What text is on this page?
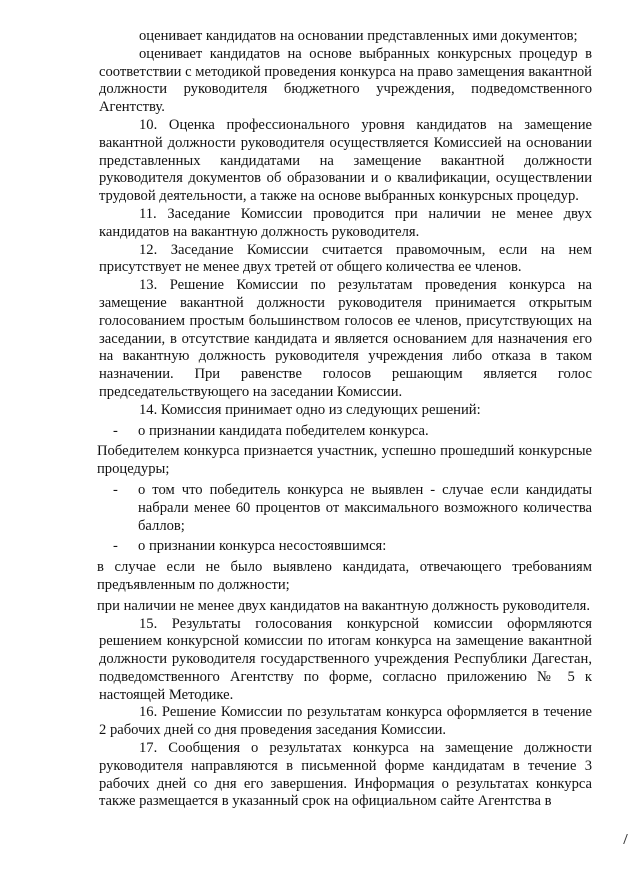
оценивает кандидатов на основании представленных ими документов;

оценивает кандидатов на основе выбранных конкурсных процедур в соответствии с методикой проведения конкурса на право замещения вакантной должности руководителя бюджетного учреждения, подведомственного Агентству.

10. Оценка профессионального уровня кандидатов на замещение вакантной должности руководителя осуществляется Комиссией на основании представленных кандидатами на замещение вакантной должности руководителя документов об образовании и о квалификации, осуществлении трудовой деятельности, а также на основе выбранных конкурсных процедур.

11. Заседание Комиссии проводится при наличии не менее двух кандидатов на вакантную должность руководителя.

12. Заседание Комиссии считается правомочным, если на нем присутствует не менее двух третей от общего количества ее членов.

13. Решение Комиссии по результатам проведения конкурса на замещение вакантной должности руководителя принимается открытым голосованием простым большинством голосов ее членов, присутствующих на заседании, в отсутствие кандидата и является основанием для назначения его на вакантную должность руководителя учреждения либо отказа в таком назначении. При равенстве голосов решающим является голос председательствующего на заседании Комиссии.

14. Комиссия принимает одно из следующих решений:

- о признании кандидата победителем конкурса.

Победителем конкурса признается участник, успешно прошедший конкурсные процедуры;

- о том что победитель конкурса не выявлен - случае если кандидаты набрали менее 60 процентов от максимального возможного количества баллов;
- о признании конкурса несостоявшимся:

в случае если не было выявлено кандидата, отвечающего требованиям предъявленным по должности;

при наличии не менее двух кандидатов на вакантную должность руководителя.

15. Результаты голосования конкурсной комиссии оформляются решением конкурсной комиссии по итогам конкурса на замещение вакантной должности руководителя государственного учреждения Республики Дагестан, подведомственного Агентству по форме, согласно приложению № 5 к настоящей Методике.

16. Решение Комиссии по результатам конкурса оформляется в течение 2 рабочих дней со дня проведения заседания Комиссии.

17. Сообщения о результатах конкурса на замещение должности руководителя направляются в письменной форме кандидатам в течение 3 рабочих дней со дня его завершения. Информация о результатах конкурса также размещается в указанный срок на официальном сайте Агентства в
